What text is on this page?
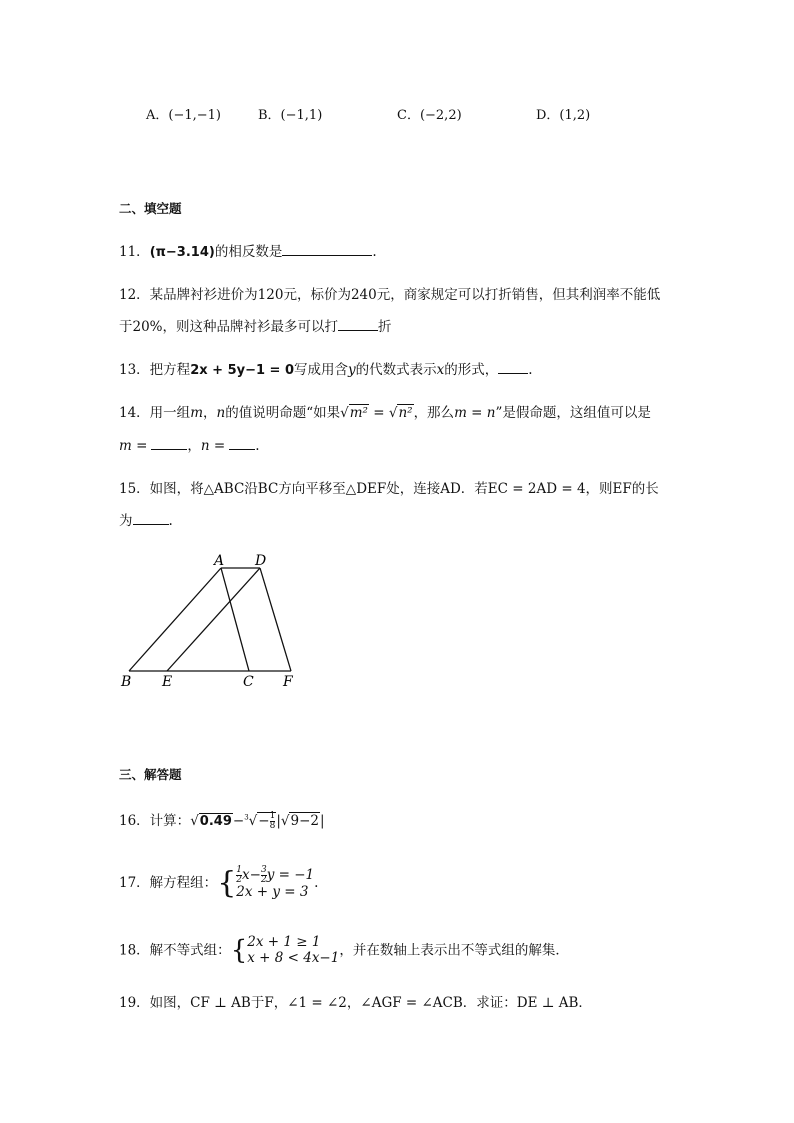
A．(−1,−1)	B．(−1,1)	C．(−2,2)	D．(1,2)
二、填空题
11．(π−3.14)的相反数是	.
12．某品牌衬衫进价为120元，标价为240元，商家规定可以打折销售，但其利润率不能低
于20%，则这种品牌衬衫最多可以打	折
13．把方程2x + 5y−1 = 0写成用含y的代数式表示x的形式， .
14．用一组m，n的值说明命题“如果√m² = √n²，那么m = n”是假命题，这组值可以是
m =	，n = .
15．如图，将△ABC沿BC方向平移至△DEF处，连接AD．若EC = 2AD = 4，则EF的长
为	.
A D
B E	C F
三、解答题
16．计算：$√0.49-^3√- \frac{1}{8} |√9-2|$
17．解方程组：{ $\frac{1}{2} x- \frac{3}{2}$ y = −1
2x + y = 3
.
18．解不等式组：{ 2x + 1 ≥ 1
x + 8 < 4x−1 ，并在数轴上表示出不等式组的解集．
19．如图，CF ⊥ AB于F，∠1 = ∠2，∠AGF = ∠ACB．求证：DE ⊥ AB．
